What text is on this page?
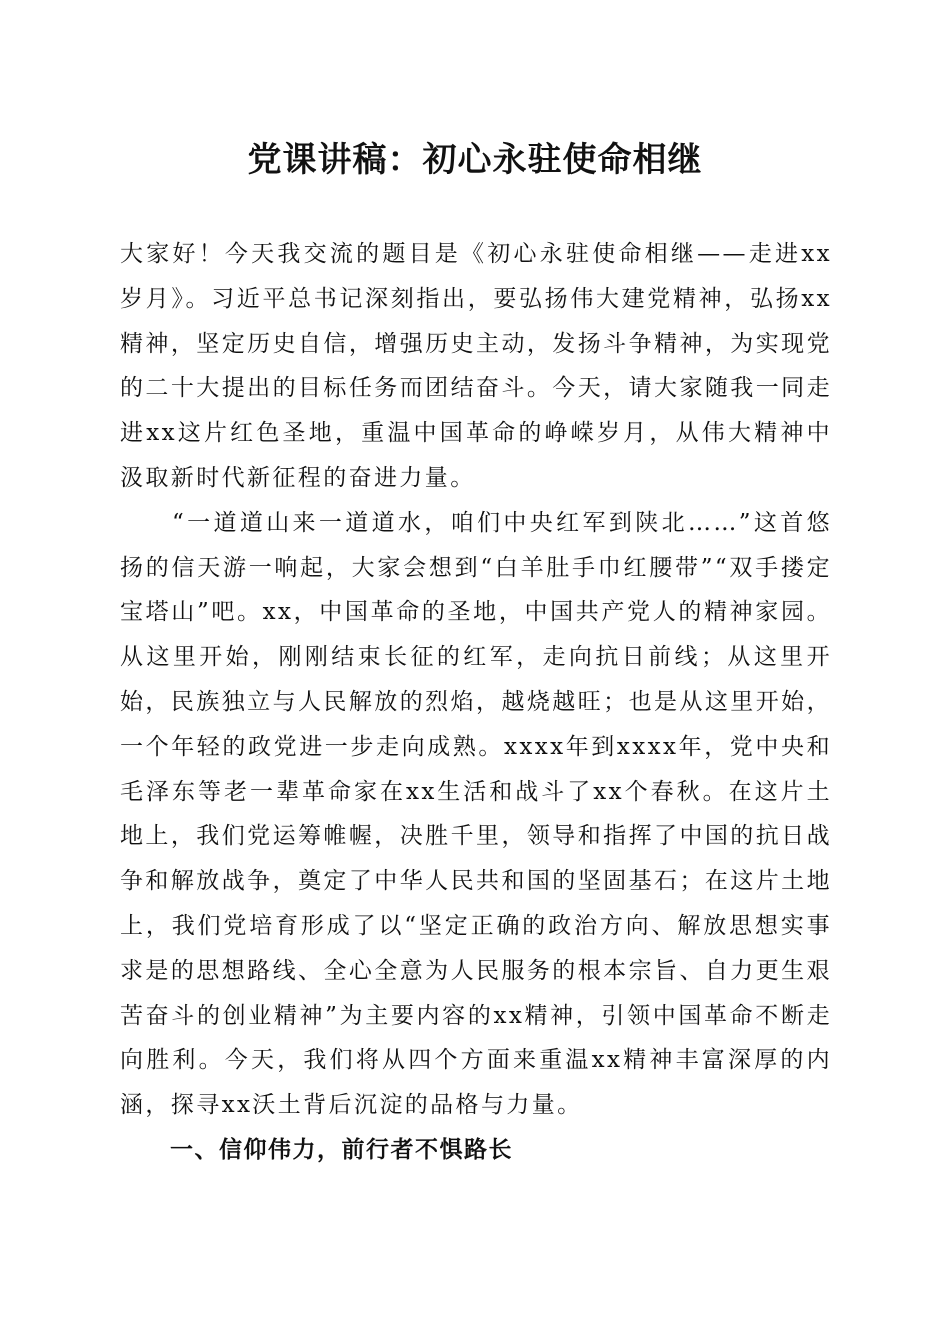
党课讲稿：初心永驻使命相继

大家好！今天我交流的题目是《初心永驻使命相继——走进xx岁月》。习近平总书记深刻指出，要弘扬伟大建党精神，弘扬xx精神，坚定历史自信，增强历史主动，发扬斗争精神，为实现党的二十大提出的目标任务而团结奋斗。今天，请大家随我一同走进xx这片红色圣地，重温中国革命的峥嵘岁月，从伟大精神中汲取新时代新征程的奋进力量。

“一道道山来一道道水，咱们中央红军到陕北……”这首悠扬的信天游一响起，大家会想到“白羊肚手巾红腰带”“双手搂定宝塔山”吧。xx，中国革命的圣地，中国共产党人的精神家园。从这里开始，刚刚结束长征的红军，走向抗日前线；从这里开始，民族独立与人民解放的烈焰，越烧越旺；也是从这里开始，一个年轻的政党进一步走向成熟。xxxx年到xxxx年，党中央和毛泽东等老一辈革命家在xx生活和战斗了xx个春秋。在这片土地上，我们党运筹帷幄，决胜千里，领导和指挥了中国的抗日战争和解放战争，奠定了中华人民共和国的坚固基石；在这片土地上，我们党培育形成了以“坚定正确的政治方向、解放思想实事求是的思想路线、全心全意为人民服务的根本宗旨、自力更生艰苦奋斗的创业精神”为主要内容的xx精神，引领中国革命不断走向胜利。今天，我们将从四个方面来重温xx精神丰富深厚的内涵，探寻xx沃土背后沉淀的品格与力量。

一、信仰伟力，前行者不惧路长
